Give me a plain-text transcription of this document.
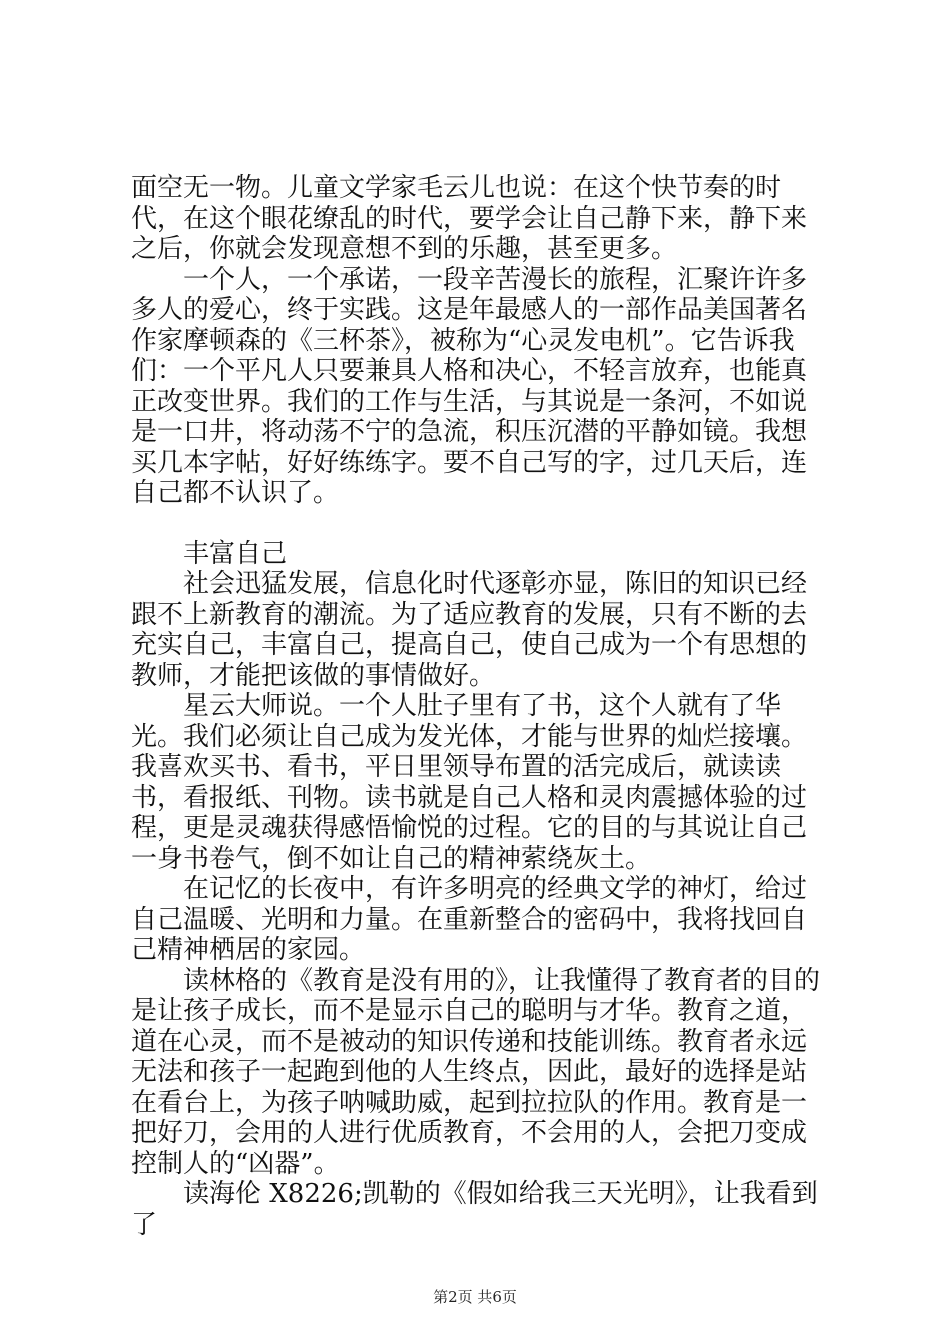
面空无一物。儿童文学家毛云儿也说：在这个快节奏的时代，在这个眼花缭乱的时代，要学会让自己静下来，静下来之后，你就会发现意想不到的乐趣，甚至更多。

一个人，一个承诺，一段辛苦漫长的旅程，汇聚许许多多人的爱心，终于实践。这是年最感人的一部作品美国著名作家摩顿森的《三杯茶》，被称为“心灵发电机”。它告诉我们：一个平凡人只要兼具人格和决心，不轻言放弃，也能真正改变世界。我们的工作与生活，与其说是一条河，不如说是一口井，将动荡不宁的急流，积压沉潜的平静如镜。我想买几本字帖，好好练练字。要不自己写的字，过几天后，连自己都不认识了。

丰富自己

社会迅猛发展，信息化时代逐彰亦显，陈旧的知识已经跟不上新教育的潮流。为了适应教育的发展，只有不断的去充实自己，丰富自己，提高自己，使自己成为一个有思想的教师，才能把该做的事情做好。

星云大师说。一个人肚子里有了书，这个人就有了华光。我们必须让自己成为发光体，才能与世界的灿烂接壤。我喜欢买书、看书，平日里领导布置的活完成后，就读读书，看报纸、刊物。读书就是自己人格和灵肉震撼体验的过程，更是灵魂获得感悟愉悦的过程。它的目的与其说让自己一身书卷气，倒不如让自己的精神萦绕灰土。

在记忆的长夜中，有许多明亮的经典文学的神灯，给过自己温暖、光明和力量。在重新整合的密码中，我将找回自己精神栖居的家园。

读林格的《教育是没有用的》，让我懂得了教育者的目的是让孩子成长，而不是显示自己的聪明与才华。教育之道，道在心灵，而不是被动的知识传递和技能训练。教育者永远无法和孩子一起跑到他的人生终点，因此，最好的选择是站在看台上，为孩子呐喊助威，起到拉拉队的作用。教育是一把好刀，会用的人进行优质教育，不会用的人，会把刀变成控制人的“凶器”。

读海伦 X8226;凯勒的《假如给我三天光明》，让我看到了

第2页 共6页
